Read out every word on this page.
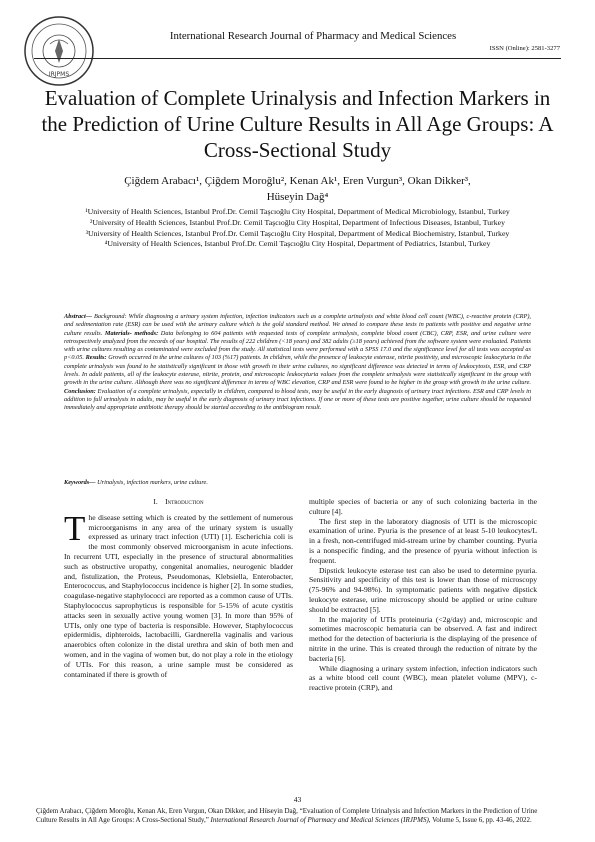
IRJPMS
International Research Journal of Pharmacy and Medical Sciences
ISSN (Online): 2581-3277
Evaluation of Complete Urinalysis and Infection Markers in the Prediction of Urine Culture Results in All Age Groups: A Cross-Sectional Study
Çiğdem Arabacı¹, Çiğdem Moroğlu², Kenan Ak¹, Eren Vurgun³, Okan Dikker³,
Hüseyin Dağ⁴
¹University of Health Sciences, Istanbul Prof.Dr. Cemil Taşcıoğlu City Hospital, Department of Medical Microbiology, Istanbul, Turkey
²University of Health Sciences, Istanbul Prof.Dr. Cemil Taşcıoğlu City Hospital, Department of Infectious Diseases, Istanbul, Turkey
³University of Health Sciences, Istanbul Prof.Dr. Cemil Taşcıoğlu City Hospital, Department of Medical Biochemistry, Istanbul, Turkey
⁴University of Health Sciences, Istanbul Prof.Dr. Cemil Taşcıoğlu City Hospital, Department of Pediatrics, Istanbul, Turkey
Abstract— Background: While diagnosing a urinary system infection, infection indicators such as a complete urinalysis and white blood cell count (WBC), c-reactive protein (CRP), and sedimentation rate (ESR) can be used with the urinary culture which is the gold standard method. We aimed to compare these tests in patients with positive and negative urine culture results. Materials- methods: Data belonging to 604 patients with requested tests of complete urinalysis, complete blood count (CBC), CRP, ESR, and urine culture were retrospectively analyzed from the records of our hospital. The results of 222 children (<18 years) and 382 adults (≥18 years) achieved from the software system were evaluated. Patients with urine cultures resulting as contaminated were excluded from the study. All statistical tests were performed with a SPSS 17.0 and the significance level for all tests was accepted as p<0.05. Results: Growth occurred in the urine cultures of 103 (%17) patients. In children, while the presence of leukocyte esterase, nitrite positivity, and microscopic leukocyturia in the complete urinalysis was found to be statistically significant in those with growth in their urine cultures, no significant difference was detected in terms of leukocytosis, ESR, and CRP levels. In adult patients, all of the leukocyte esterase, nitrite, protein, and microscopic leukocyturia values from the complete urinalysis were statistically significant in the group with growth in the urine culture. Although there was no significant difference in terms of WBC elevation, CRP and ESR were found to be higher in the group with growth in the urine culture. Conclusion: Evaluation of a complete urinalysis, especially in children, compared to blood tests, may be useful in the early diagnosis of urinary tract infections. ESR and CRP levels in addition to full urinalysis in adults, may be useful in the early diagnosis of urinary tract infections. If one or more of these tests are positive together, urine culture should be requested immediately and appropriate antibiotic therapy should be started according to the antibiogram result.
Keywords— Urinalysis, infection markers, urine culture.
I. Introduction

The disease setting which is created by the settlement of numerous microorganisms in any area of the urinary system is usually expressed as urinary tract infection (UTI) [1]. Escherichia coli is the most commonly observed microorganism in acute infections. In recurrent UTI, especially in the presence of structural abnormalities such as obstructive uropathy, congenital anomalies, neurogenic bladder and, fistulization, the Proteus, Pseudomonas, Klebsiella, Enterobacter, Enterococcus, and Staphylococcus incidence is higher [2]. In some studies, coagulase-negative staphylococci are reported as a common cause of UTIs. Staphylococcus saprophyticus is responsible for 5-15% of acute cystitis attacks seen in sexually active young women [3]. In more than 95% of UTIs, only one type of bacteria is responsible. However, Staphylococcus epidermidis, diphteroids, lactobacilli, Gardnerella vaginalis and various anaerobics often colonize in the distal urethra and skin of both men and women, and in the vagina of women but, do not play a role in the etiology of UTIs. For this reason, a urine sample must be considered as contaminated if there is growth of

multiple species of bacteria or any of such colonizing bacteria in the culture [4].

The first step in the laboratory diagnosis of UTI is the microscopic examination of urine. Pyuria is the presence of at least 5-10 leukocytes/L in a fresh, non-centrifuged mid-stream urine by chamber counting. Pyuria is a nonspecific finding, and the presence of pyuria without infection is frequent.

Dipstick leukocyte esterase test can also be used to determine pyuria. Sensitivity and specificity of this test is lower than those of microscopy (75-96% and 94-98%). In symptomatic patients with negative dipstick leukocyte esterase, urine microscopy should be applied or urine culture should be extracted [5].

In the majority of UTIs proteinuria (<2g/day) and, microscopic and sometimes macroscopic hematuria can be observed. A fast and indirect method for the detection of bacteriuria is the displaying of the presence of nitrite in the urine. This is created through the reduction of nitrate by the bacteria [6].

While diagnosing a urinary system infection, infection indicators such as a white blood cell count (WBC), mean platelet volume (MPV), c-reactive protein (CRP), and

43
Çiğdem Arabacı, Çiğdem Moroğlu, Kenan Ak, Eren Vurgun, Okan Dikker, and Hüseyin Dağ, “Evaluation of Complete Urinalysis and Infection Markers in the Prediction of Urine Culture Results in All Age Groups: A Cross-Sectional Study,” International Research Journal of Pharmacy and Medical Sciences (IRJPMS), Volume 5, Issue 6, pp. 43-46, 2022.
